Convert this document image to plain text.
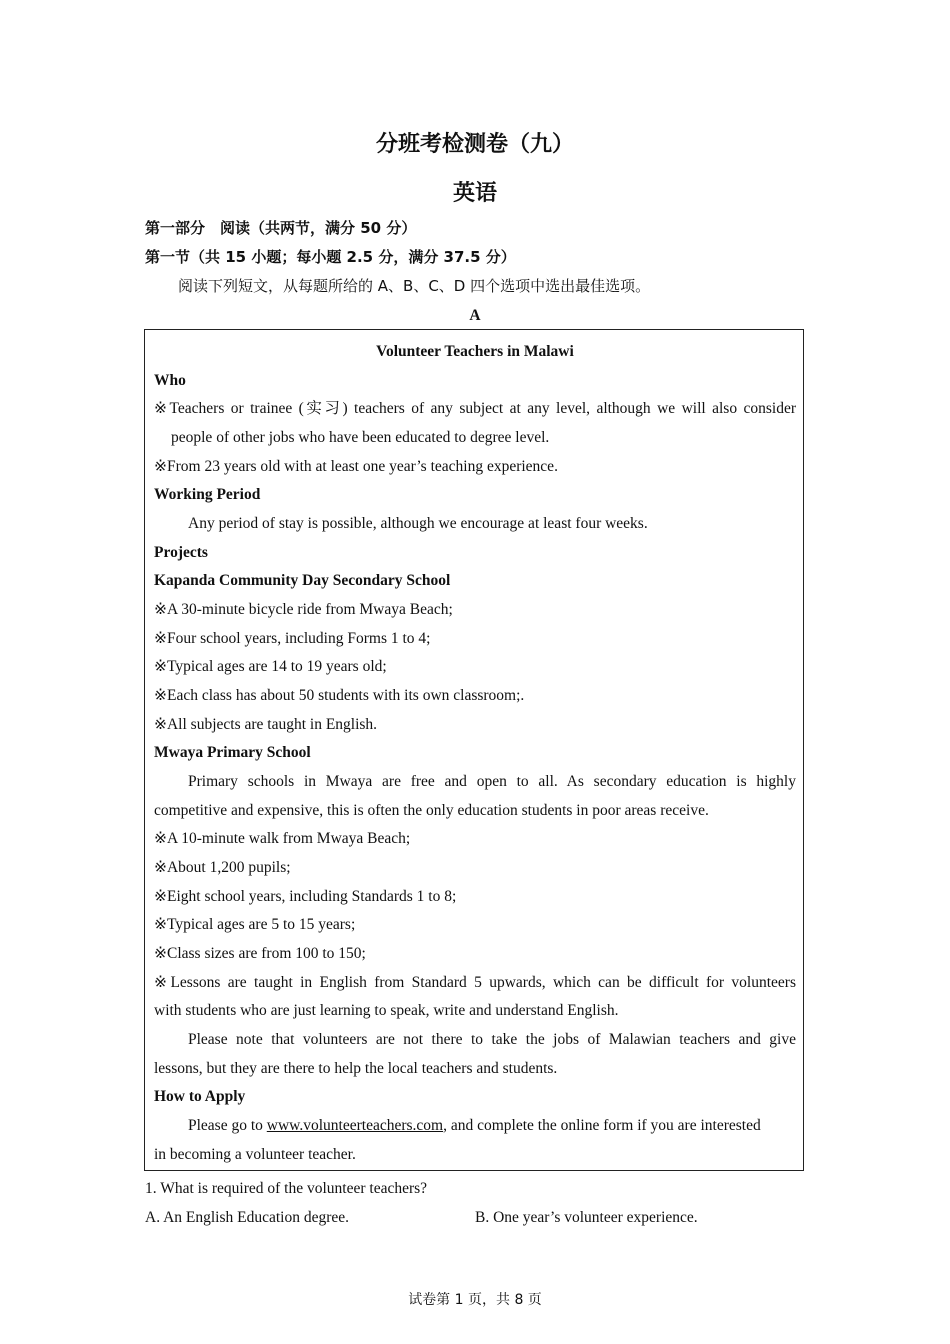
分班考检测卷（九）
英语
第一部分　阅读（共两节，满分 50 分）
第一节（共 15 小题；每小题 2.5 分，满分 37.5 分）
阅读下列短文，从每题所给的 A、B、C、D 四个选项中选出最佳选项。
A
Volunteer Teachers in Malawi
Who
※Teachers or trainee (实习) teachers of any subject at any level, although we will also consider
people of other jobs who have been educated to degree level.
※From 23 years old with at least one year’s teaching experience.
Working Period
Any period of stay is possible, although we encourage at least four weeks.
Projects
Kapanda Community Day Secondary School
※A 30-minute bicycle ride from Mwaya Beach;
※Four school years, including Forms 1 to 4;
※Typical ages are 14 to 19 years old;
※Each class has about 50 students with its own classroom;.
※All subjects are taught in English.
Mwaya Primary School
Primary schools in Mwaya are free and open to all. As secondary education is highly
competitive and expensive, this is often the only education students in poor areas receive.
※A 10-minute walk from Mwaya Beach;
※About 1,200 pupils;
※Eight school years, including Standards 1 to 8;
※Typical ages are 5 to 15 years;
※Class sizes are from 100 to 150;
※Lessons are taught in English from Standard 5 upwards, which can be difficult for volunteers
with students who are just learning to speak, write and understand English.
Please note that volunteers are not there to take the jobs of Malawian teachers and give
lessons, but they are there to help the local teachers and students.
How to Apply
Please go to www.volunteerteachers.com, and complete the online form if you are interested
in becoming a volunteer teacher.
1. What is required of the volunteer teachers?
A. An English Education degree.	B. One year’s volunteer experience.
试卷第 1 页，共 8 页
